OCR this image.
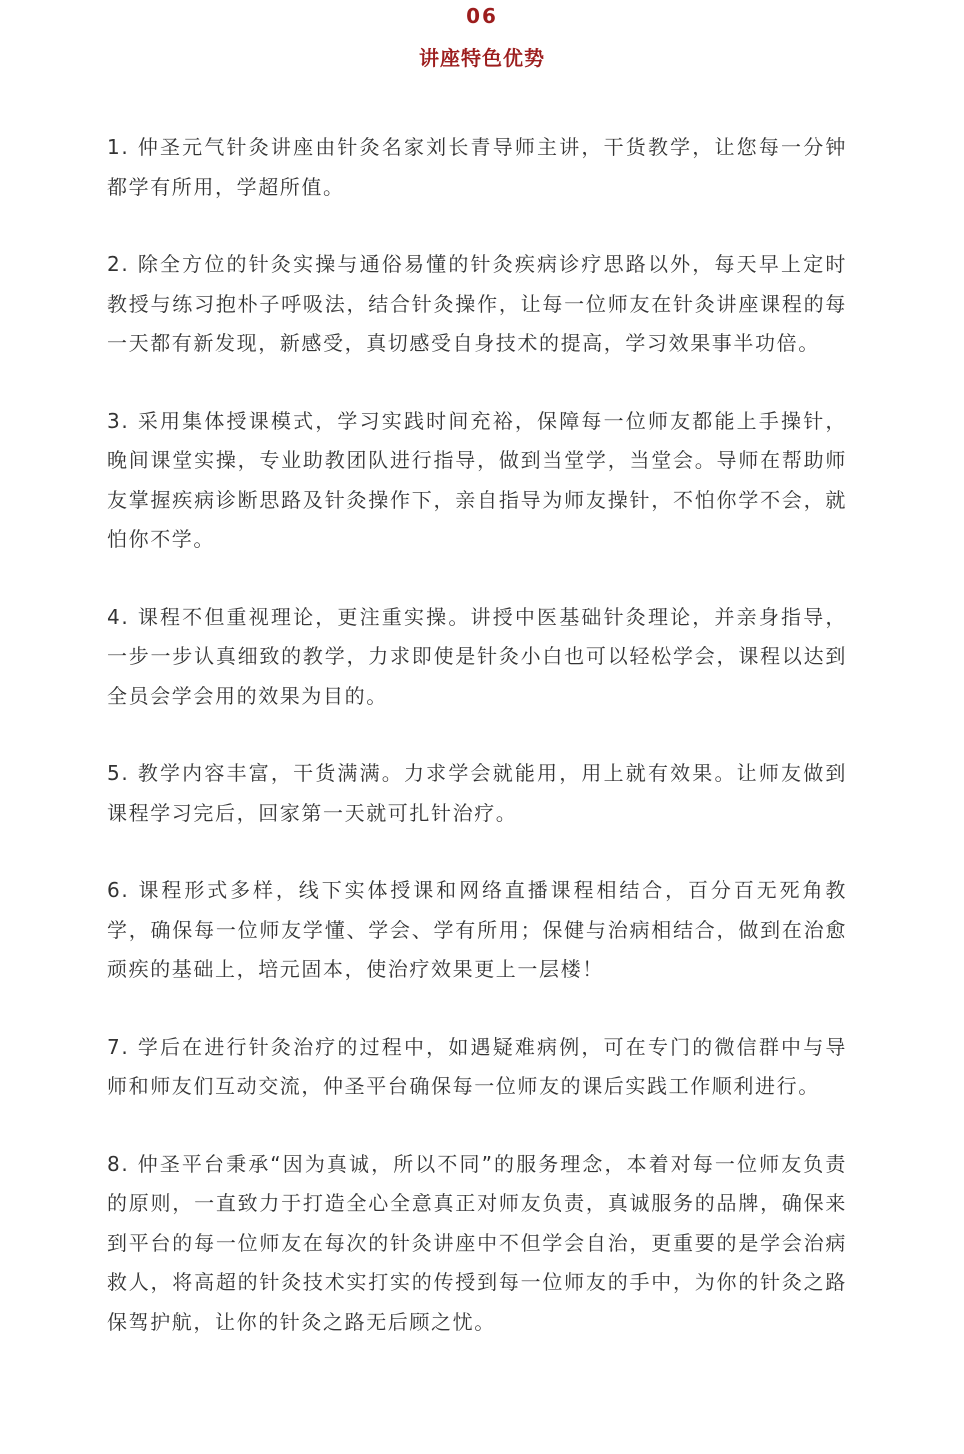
06
讲座特色优势

1. 仲圣元气针灸讲座由针灸名家刘长青导师主讲，干货教学，让您每一分钟都学有所用，学超所值。

2. 除全方位的针灸实操与通俗易懂的针灸疾病诊疗思路以外，每天早上定时教授与练习抱朴子呼吸法，结合针灸操作，让每一位师友在针灸讲座课程的每一天都有新发现，新感受，真切感受自身技术的提高，学习效果事半功倍。

3. 采用集体授课模式，学习实践时间充裕，保障每一位师友都能上手操针，晚间课堂实操，专业助教团队进行指导，做到当堂学，当堂会。导师在帮助师友掌握疾病诊断思路及针灸操作下，亲自指导为师友操针，不怕你学不会，就怕你不学。

4. 课程不但重视理论，更注重实操。讲授中医基础针灸理论，并亲身指导，一步一步认真细致的教学，力求即使是针灸小白也可以轻松学会，课程以达到全员会学会用的效果为目的。

5. 教学内容丰富，干货满满。力求学会就能用，用上就有效果。让师友做到课程学习完后，回家第一天就可扎针治疗。

6. 课程形式多样，线下实体授课和网络直播课程相结合，百分百无死角教学，确保每一位师友学懂、学会、学有所用；保健与治病相结合，做到在治愈顽疾的基础上，培元固本，使治疗效果更上一层楼！

7. 学后在进行针灸治疗的过程中，如遇疑难病例，可在专门的微信群中与导师和师友们互动交流，仲圣平台确保每一位师友的课后实践工作顺利进行。

8. 仲圣平台秉承“因为真诚，所以不同”的服务理念，本着对每一位师友负责的原则，一直致力于打造全心全意真正对师友负责，真诚服务的品牌，确保来到平台的每一位师友在每次的针灸讲座中不但学会自治，更重要的是学会治病救人，将高超的针灸技术实打实的传授到每一位师友的手中，为你的针灸之路保驾护航，让你的针灸之路无后顾之忧。
